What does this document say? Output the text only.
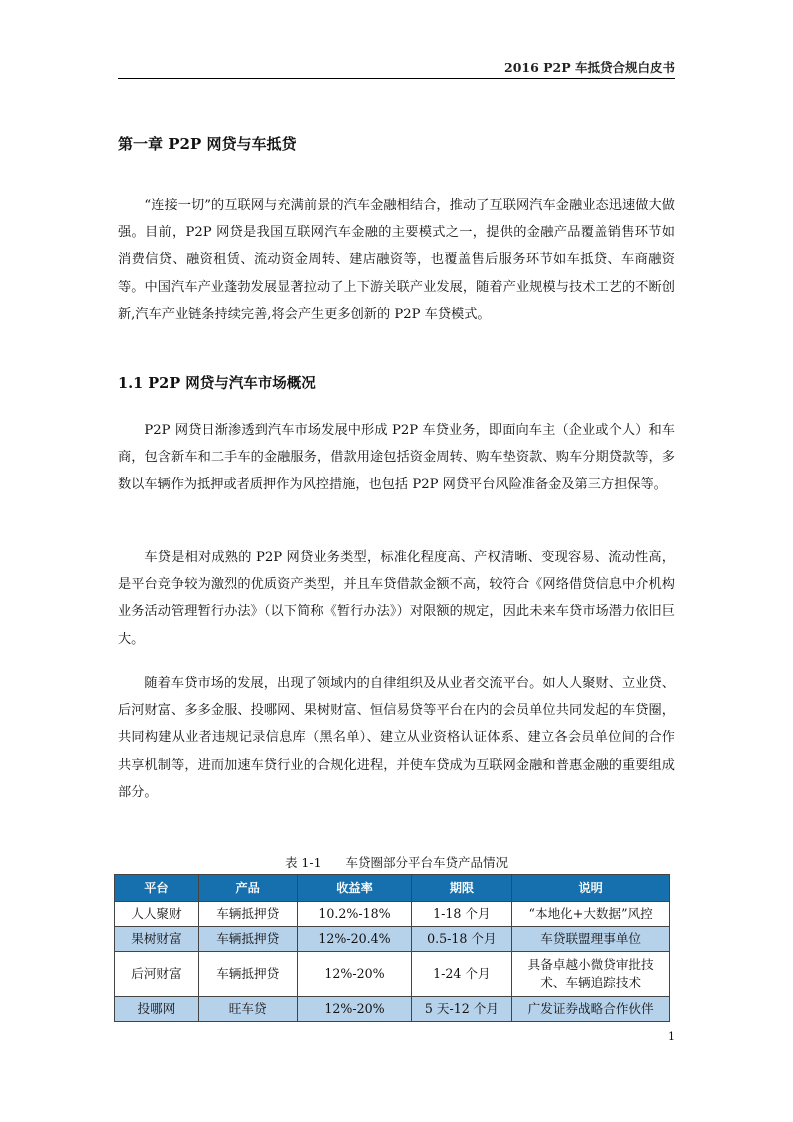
2016 P2P 车抵贷合规白皮书
第一章 P2P 网贷与车抵贷

“连接一切”的互联网与充满前景的汽车金融相结合，推动了互联网汽车金融业态迅速做大做强。目前，P2P 网贷是我国互联网汽车金融的主要模式之一，提供的金融产品覆盖销售环节如消费信贷、融资租赁、流动资金周转、建店融资等，也覆盖售后服务环节如车抵贷、车商融资等。中国汽车产业蓬勃发展显著拉动了上下游关联产业发展，随着产业规模与技术工艺的不断创新,汽车产业链条持续完善,将会产生更多创新的 P2P 车贷模式。

1.1 P2P 网贷与汽车市场概况

P2P 网贷日渐渗透到汽车市场发展中形成 P2P 车贷业务，即面向车主（企业或个人）和车商，包含新车和二手车的金融服务，借款用途包括资金周转、购车垫资款、购车分期贷款等，多数以车辆作为抵押或者质押作为风控措施，也包括 P2P 网贷平台风险准备金及第三方担保等。

车贷是相对成熟的 P2P 网贷业务类型，标准化程度高、产权清晰、变现容易、流动性高，是平台竞争较为激烈的优质资产类型，并且车贷借款金额不高，较符合《网络借贷信息中介机构业务活动管理暂行办法》（以下简称《暂行办法》）对限额的规定，因此未来车贷市场潜力依旧巨大。

随着车贷市场的发展，出现了领域内的自律组织及从业者交流平台。如人人聚财、立业贷、后河财富、多多金服、投哪网、果树财富、恒信易贷等平台在内的会员单位共同发起的车贷圈，共同构建从业者违规记录信息库（黑名单）、建立从业资格认证体系、建立各会员单位间的合作共享机制等，进而加速车贷行业的合规化进程，并使车贷成为互联网金融和普惠金融的重要组成部分。

表 1-1 车贷圈部分平台车贷产品情况
平台	产品	收益率	期限	说明
人人聚财	车辆抵押贷	10.2%-18%	1-18 个月	“本地化+大数据”风控
果树财富	车辆抵押贷	12%-20.4%	0.5-18 个月	车贷联盟理事单位
后河财富	车辆抵押贷	12%-20%	1-24 个月	具备卓越小微贷审批技术、车辆追踪技术
投哪网	旺车贷	12%-20%	5 天-12 个月	广发证券战略合作伙伴
1
